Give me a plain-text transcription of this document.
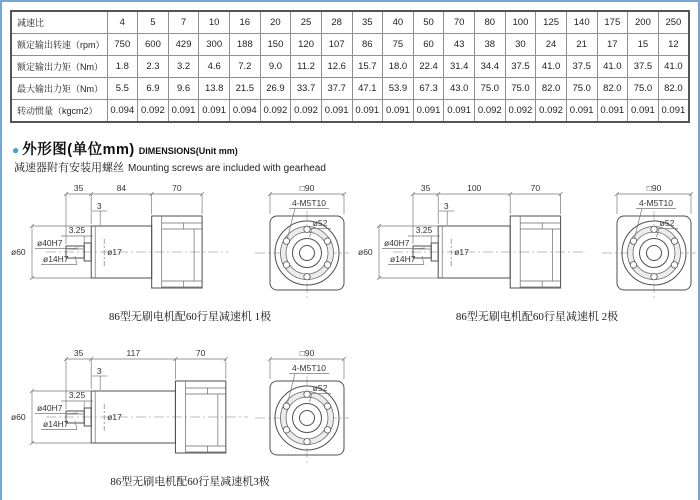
减速比	4	5	7	10	16	20	25	28	35	40	50	70	80	100	125	140	175	200	250
额定输出转速（rpm）	750	600	429	300	188	150	120	107	86	75	60	43	38	30	24	21	17	15	12
额定输出力矩（Nm）	1.8	2.3	3.2	4.6	7.2	9.0	11.2	12.6	15.7	18.0	22.4	31.4	34.4	37.5	41.0	37.5	41.0	37.5	41.0
最大输出力矩（Nm）	5.5	6.9	9.6	13.8	21.5	26.9	33.7	37.7	47.1	53.9	67.3	43.0	75.0	75.0	82.0	75.0	82.0	75.0	82.0
转动惯量（kgcm2）	0.094	0.092	0.091	0.091	0.094	0.092	0.092	0.091	0.091	0.091	0.091	0.091	0.092	0.092	0.092	0.091	0.091	0.091	0.091
● 外形图(单位mm) DIMENSIONS(Unit mm)
减速器附有安装用螺丝 Mounting screws are included with gearhead
35	84	70
3
3.25
ø40H7
ø14H7
ø60	ø17
□90
4-M5T10
ø52
86型无刷电机配60行星减速机 1极
35	100	70
3
3.25
ø40H7
ø14H7
ø60	ø17
□90
4-M5T10
ø52
86型无刷电机配60行星减速机 2极
35	117	70
3
3.25
ø40H7
ø14H7
ø60	ø17
□90
4-M5T10
ø52
86型无刷电机配60行星减速机3极
